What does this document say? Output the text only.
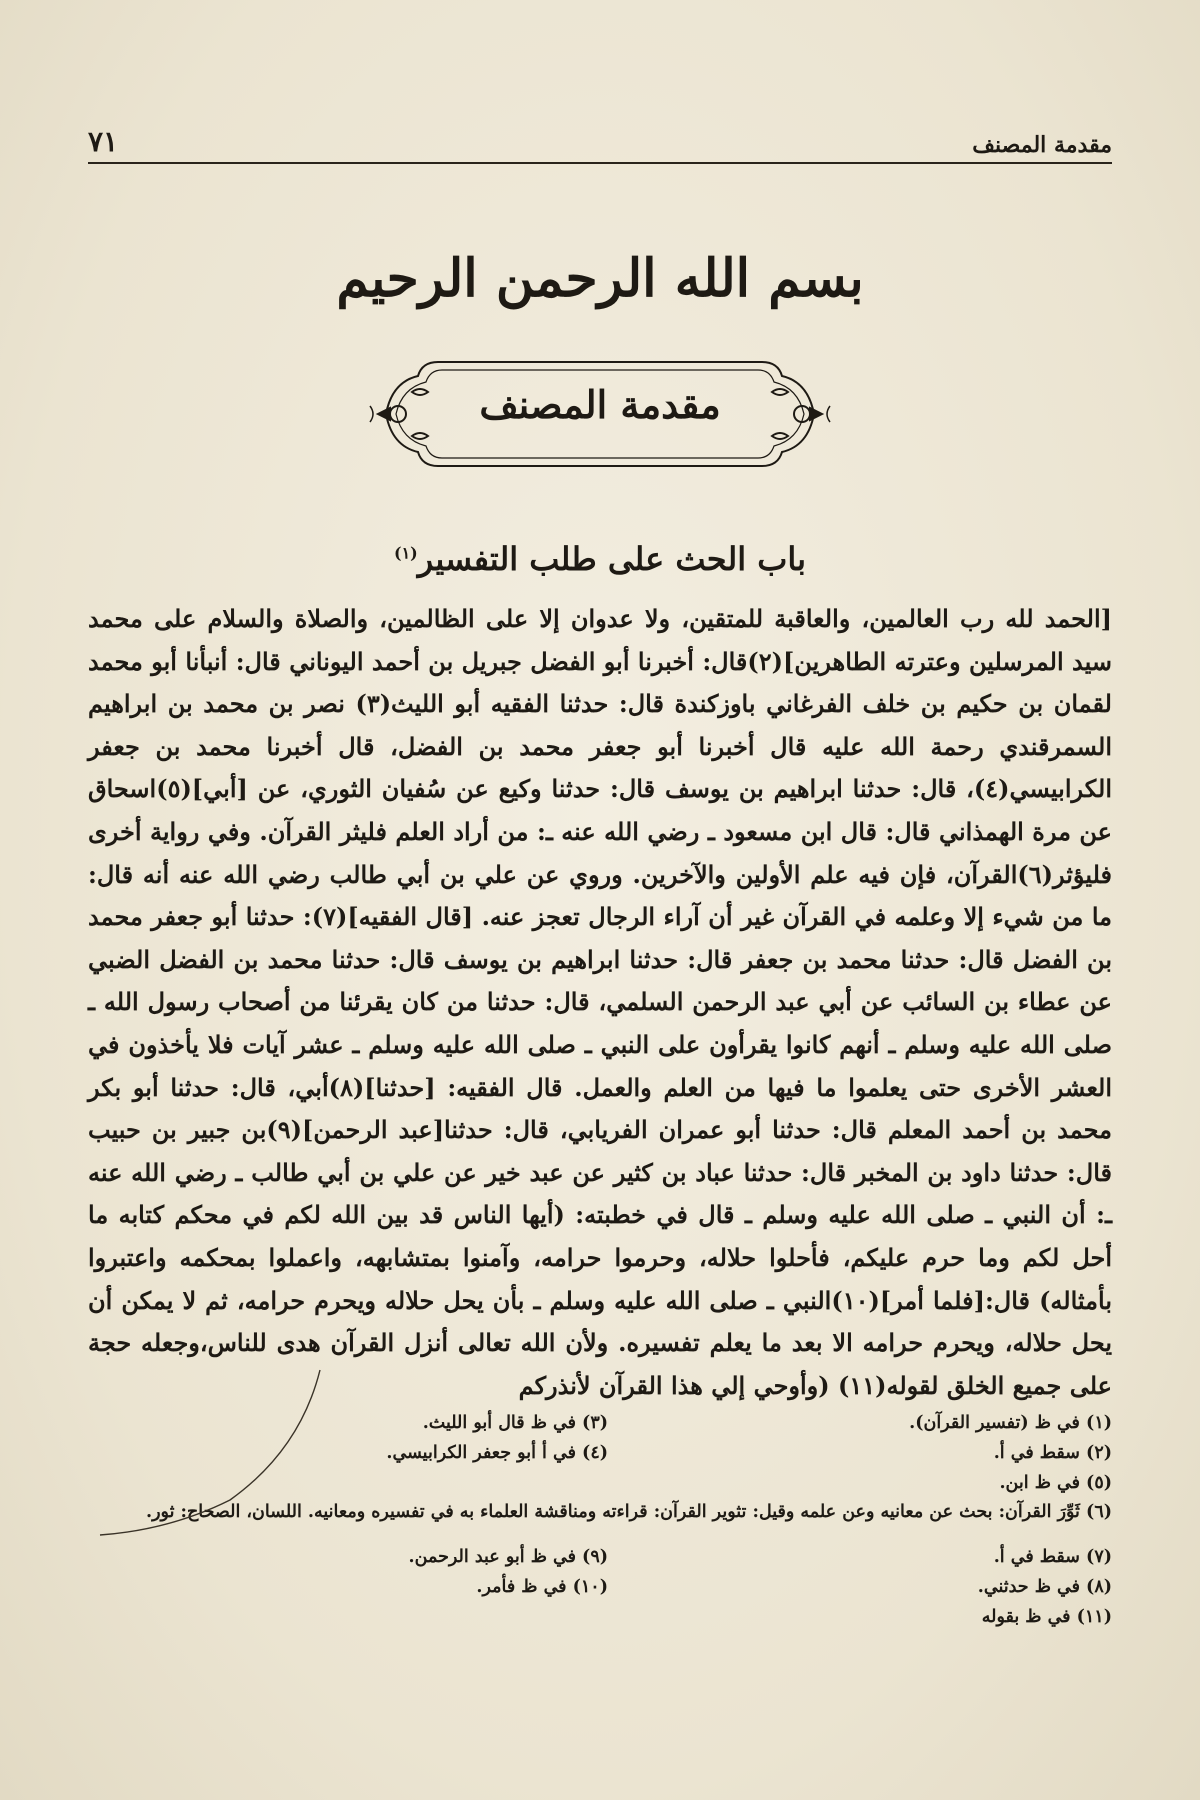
مقدمة المصنف
٧١
بسم الله الرحمن الرحيم
مقدمة المصنف
باب الحث على طلب التفسير$^{(١)}$
[الحمد لله رب العالمين، والعاقبة للمتقين، ولا عدوان إلا على الظالمين، والصلاة والسلام على محمد سيد المرسلين وعترته الطاهرين](٢)قال: أخبرنا أبو الفضل جبريل بن أحمد اليوناني قال: أنبأنا أبو محمد لقمان بن حكيم بن خلف الفرغاني باوزكندة قال: حدثنا الفقيه أبو الليث(٣) نصر بن محمد بن ابراهيم السمرقندي رحمة الله عليه قال أخبرنا أبو جعفر محمد بن الفضل، قال أخبرنا محمد بن جعفر الكرابيسي(٤)، قال: حدثنا ابراهيم بن يوسف قال: حدثنا وكيع عن سُفيان الثوري، عن [أبي](٥)اسحاق عن مرة الهمذاني قال: قال ابن مسعود ـ رضي الله عنه ـ: من أراد العلم فليثر القرآن. وفي رواية أخرى فليؤثر(٦)القرآن، فإن فيه علم الأولين والآخرين. وروي عن علي بن أبي طالب رضي الله عنه أنه قال: ما من شيء إلا وعلمه في القرآن غير أن آراء الرجال تعجز عنه. [قال الفقيه](٧): حدثنا أبو جعفر محمد بن الفضل قال: حدثنا محمد بن جعفر قال: حدثنا ابراهيم بن يوسف قال: حدثنا محمد بن الفضل الضبي عن عطاء بن السائب عن أبي عبد الرحمن السلمي، قال: حدثنا من كان يقرئنا من أصحاب رسول الله ـ صلى الله عليه وسلم ـ أنهم كانوا يقرأون على النبي ـ صلى الله عليه وسلم ـ عشر آيات فلا يأخذون في العشر الأخرى حتى يعلموا ما فيها من العلم والعمل. قال الفقيه: [حدثنا](٨)أبي، قال: حدثنا أبو بكر محمد بن أحمد المعلم قال: حدثنا أبو عمران الفريابي، قال: حدثنا[عبد الرحمن](٩)بن جبير بن حبيب قال: حدثنا داود بن المخبر قال: حدثنا عباد بن كثير عن عبد خير عن علي بن أبي طالب ـ رضي الله عنه ـ: أن النبي ـ صلى الله عليه وسلم ـ قال في خطبته: (أيها الناس قد بين الله لكم في محكم كتابه ما أحل لكم وما حرم عليكم، فأحلوا حلاله، وحرموا حرامه، وآمنوا بمتشابهه، واعملوا بمحكمه واعتبروا بأمثاله) قال:[فلما أمر](١٠)النبي ـ صلى الله عليه وسلم ـ بأن يحل حلاله ويحرم حرامه، ثم لا يمكن أن يحل حلاله، ويحرم حرامه الا بعد ما يعلم تفسيره. ولأن الله تعالى أنزل القرآن هدى للناس،وجعله حجة على جميع الخلق لقوله(١١) (وأوحي إلي هذا القرآن لأنذركم
(١) في ظ (تفسير القرآن).
(٣) في ظ قال أبو الليث.
(٢) سقط في أ.
(٤) في أ أبو جعفر الكرابيسي.
(٥) في ظ ابن.
(٦) ثَوِّرَ القرآن: بحث عن معانيه وعن علمه وقيل: تثوير القرآن: قراءته ومناقشة العلماء به في تفسيره ومعانيه. اللسان، الصحاح: ثور.
(٧) سقط في أ.
(٩) في ظ أبو عبد الرحمن.
(٨) في ظ حدثني.
(١٠) في ظ فأمر.
(١١) في ظ بقوله
